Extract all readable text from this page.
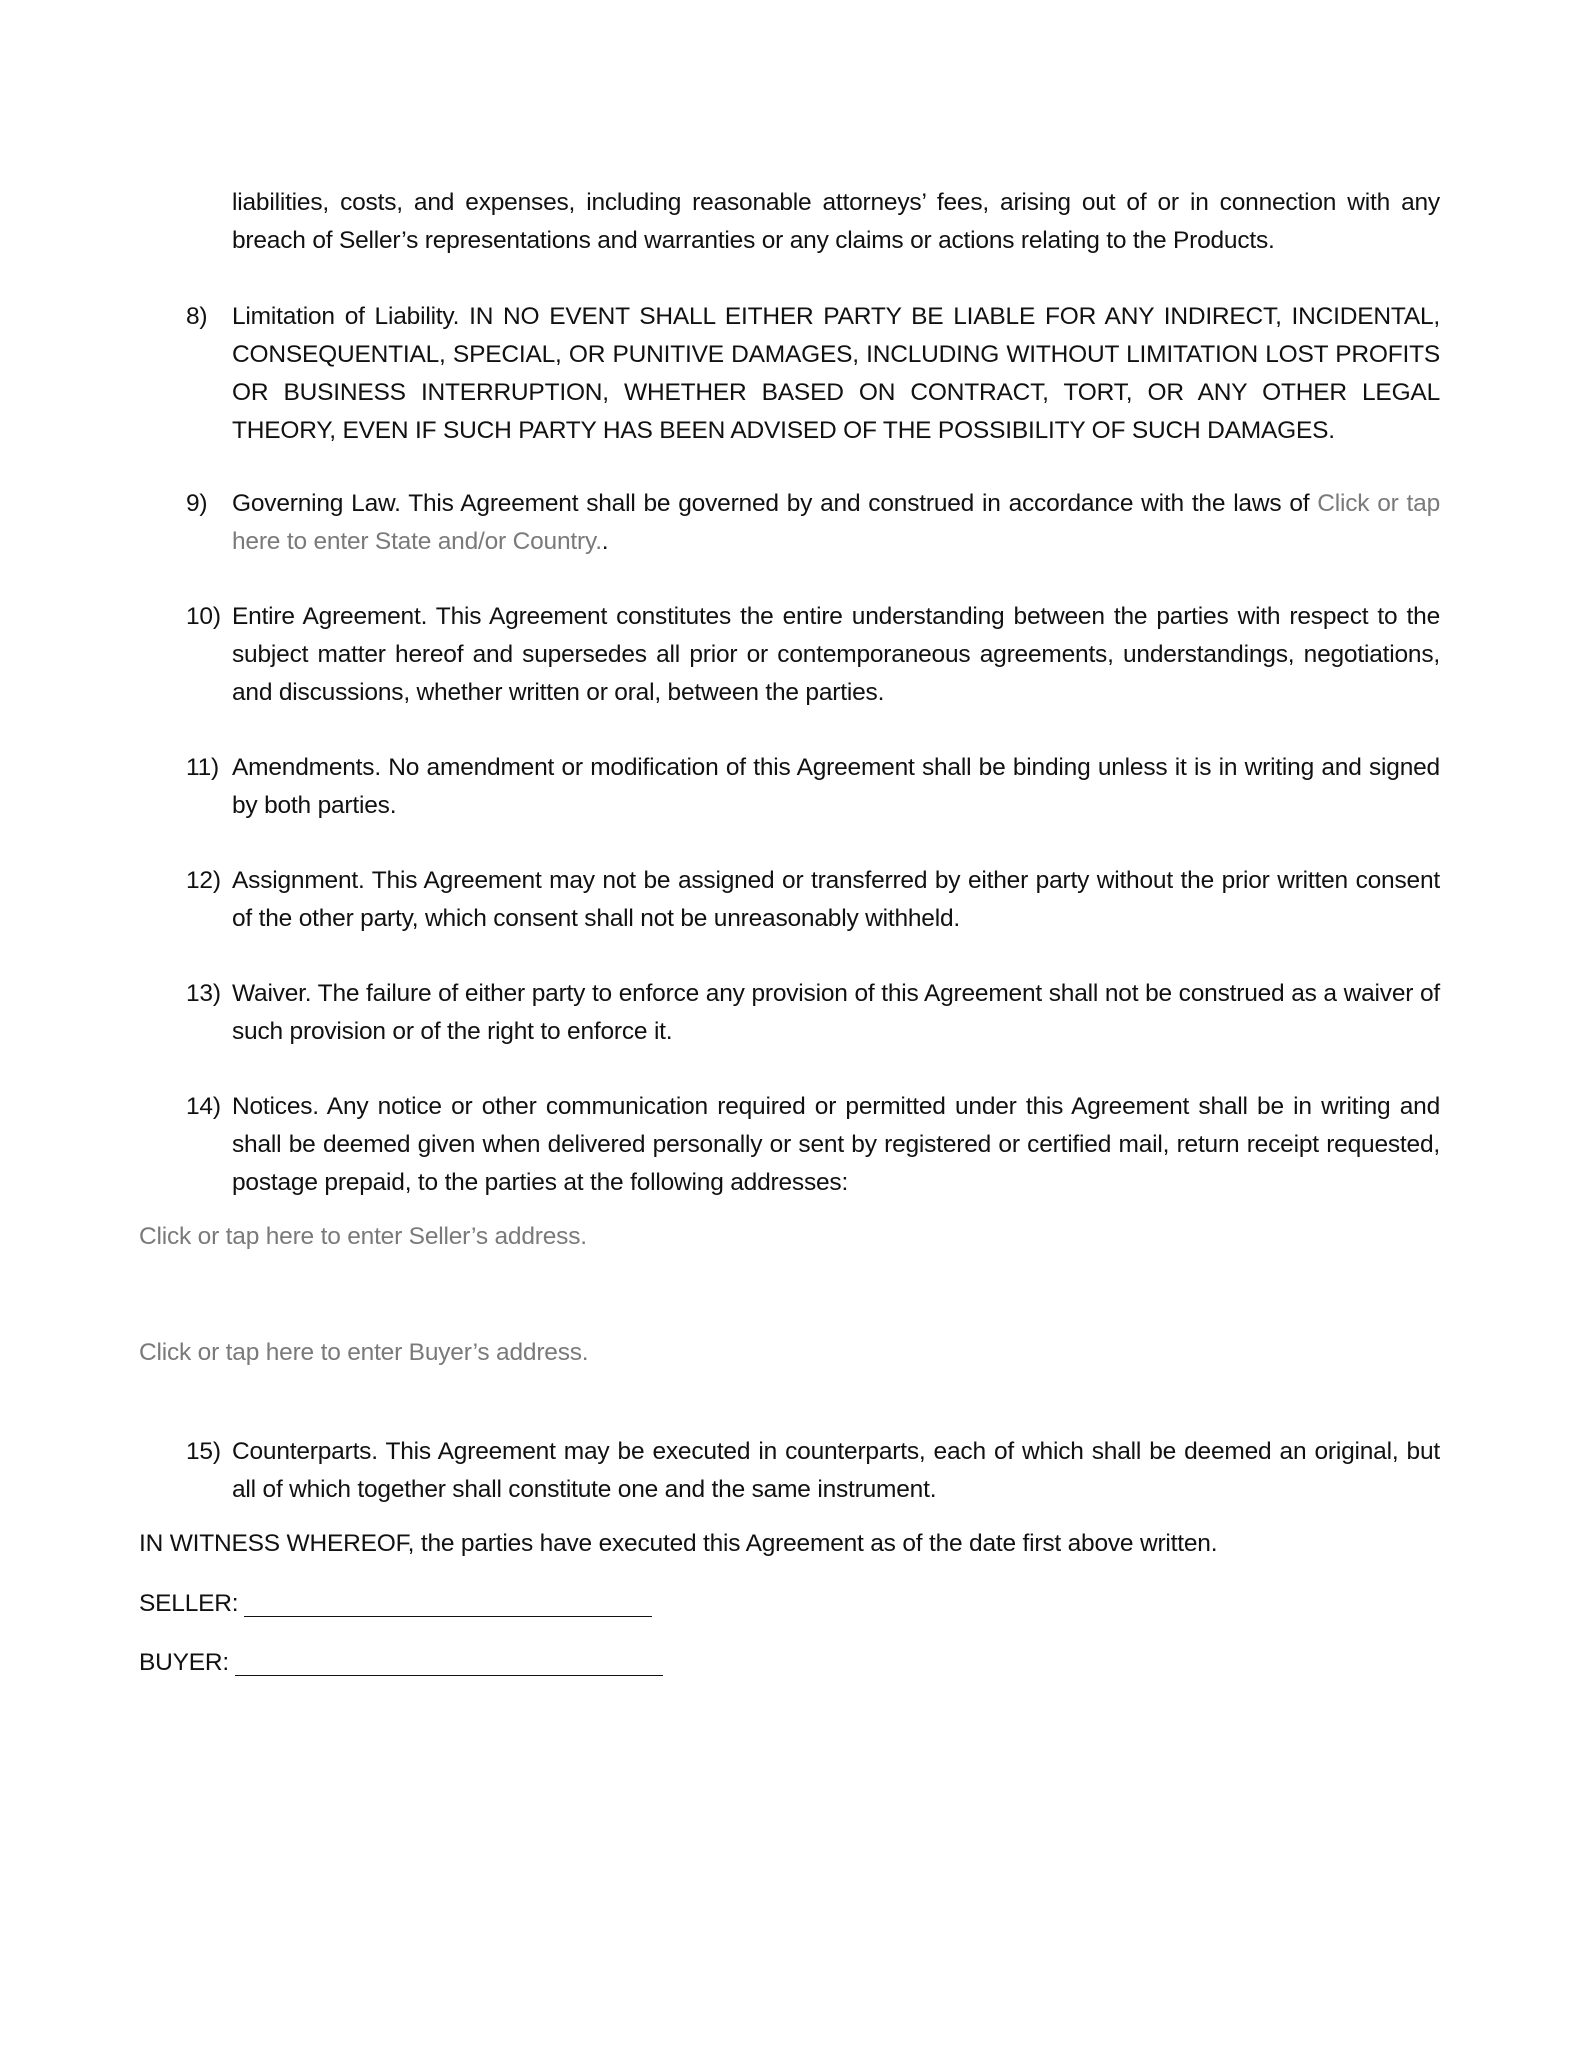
liabilities, costs, and expenses, including reasonable attorneys’ fees, arising out of or in connection with any breach of Seller’s representations and warranties or any claims or actions relating to the Products.
8)	Limitation of Liability. IN NO EVENT SHALL EITHER PARTY BE LIABLE FOR ANY INDIRECT, INCIDENTAL, CONSEQUENTIAL, SPECIAL, OR PUNITIVE DAMAGES, INCLUDING WITHOUT LIMITATION LOST PROFITS OR BUSINESS INTERRUPTION, WHETHER BASED ON CONTRACT, TORT, OR ANY OTHER LEGAL THEORY, EVEN IF SUCH PARTY HAS BEEN ADVISED OF THE POSSIBILITY OF SUCH DAMAGES.
9)	Governing Law. This Agreement shall be governed by and construed in accordance with the laws of Click or tap here to enter State and/or Country..
10) Entire Agreement. This Agreement constitutes the entire understanding between the parties with respect to the subject matter hereof and supersedes all prior or contemporaneous agreements, understandings, negotiations, and discussions, whether written or oral, between the parties.
11) Amendments. No amendment or modification of this Agreement shall be binding unless it is in writing and signed by both parties.
12) Assignment. This Agreement may not be assigned or transferred by either party without the prior written consent of the other party, which consent shall not be unreasonably withheld.
13) Waiver. The failure of either party to enforce any provision of this Agreement shall not be construed as a waiver of such provision or of the right to enforce it.
14) Notices. Any notice or other communication required or permitted under this Agreement shall be in writing and shall be deemed given when delivered personally or sent by registered or certified mail, return receipt requested, postage prepaid, to the parties at the following addresses:
Click or tap here to enter Seller’s address.
Click or tap here to enter Buyer’s address.
15) Counterparts. This Agreement may be executed in counterparts, each of which shall be deemed an original, but all of which together shall constitute one and the same instrument.
IN WITNESS WHEREOF, the parties have executed this Agreement as of the date first above written.
SELLER:
BUYER:
